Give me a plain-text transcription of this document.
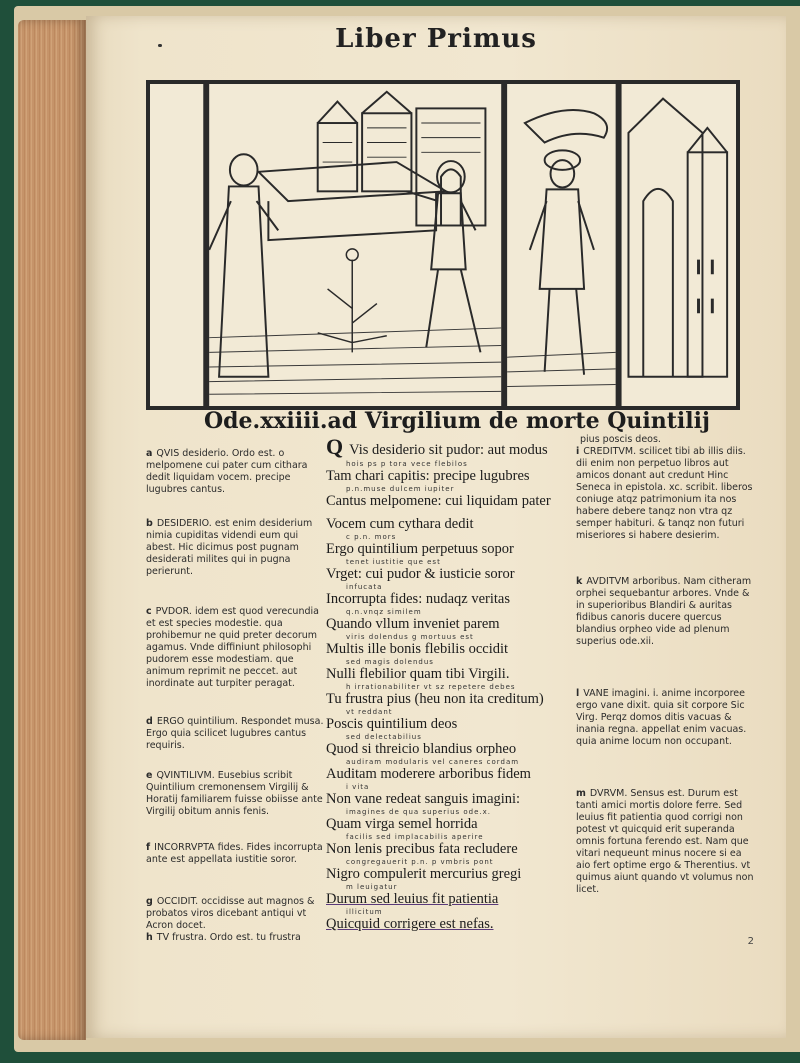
Liber Primus
Ode.xxiiii.ad Virgilium de morte Quintilij

a QVIS desiderio. Ordo est. o melpomene cui pater cum cithara dedit liquidam vocem. precipe lugubres cantus.

b DESIDERIO. est enim desiderium nimia cupiditas videndi eum qui abest. Hic dicimus post pugnam desiderati milites qui in pugna perierunt.

c PVDOR. idem est quod verecundia et est species modestie. qua prohibemur ne quid preter decorum agamus. Vnde diffiniunt philosophi pudorem esse modestiam. que animum reprimit ne peccet. aut inordinate aut turpiter peragat.

d ERGO quintilium. Respondet musa. Ergo quia scilicet lugubres cantus requiris.

e QVINTILIVM. Eusebius scribit Quintilium cremonensem Virgilij & Horatij familiarem fuisse obiisse ante Virgilij obitum annis fenis.

f INCORRVPTA fides. Fides incorrupta ante est appellata iustitie soror.

g OCCIDIT. occidisse aut magnos & probatos viros dicebant antiqui vt Acron docet.

h TV frustra. Ordo est. tu frustra

Q Vis desiderio sit pudor: aut modus

hois ps p tora vece flebilos

Tam chari capitis: precipe lugubres

p.n.muse dulcem iupiter

Cantus melpomene: cui liquidam pater

Vocem cum cythara dedit

c p.n. mors

Ergo quintilium perpetuus sopor

tenet iustitie que est

Vrget: cui pudor & iusticie soror

infucata

Incorrupta fides: nudaqz veritas

q.n.vnqz similem

Quando vllum inveniet parem

viris dolendus g mortuus est

Multis ille bonis flebilis occidit

sed magis dolendus

Nulli flebilior quam tibi Virgili.

h irrationabiliter vt sz repetere debes

Tu frustra pius (heu non ita creditum)

vt reddant

Poscis quintilium deos

sed delectabilius

Quod si threicio blandius orpheo

audiram modularis vel caneres cordam

Auditam moderere arboribus fidem

i vita

Non vane redeat sanguis imagini:

imagines de qua superius ode.x.

Quam virga semel horrida

facilis sed implacabilis aperire

Non lenis precibus fata recludere

congregauerit p.n. p vmbris pont

Nigro compulerit mercurius gregi

m leuigatur

Durum sed leuius fit patientia

illicitum

Quicquid corrigere est nefas.

pius poscis deos.

i CREDITVM. scilicet tibi ab illis diis. dii enim non perpetuo libros aut amicos donant aut credunt Hinc Seneca in epistola. xc. scribit. liberos coniuge atqz patrimonium ita nos habere debere tanqz non vtra qz semper habituri. & tanqz non futuri miseriores si habere desierim.

k AVDITVM arboribus. Nam citheram orphei sequebantur arbores. Vnde & in superioribus Blandiri & auritas fidibus canoris ducere quercus blandius orpheo vide ad plenum superius ode.xii.

l VANE imagini. i. anime incorporee ergo vane dixit. quia sit corpore Sic Virg. Perqz domos ditis vacuas & inania regna. appellat enim vacuas. quia anime locum non occupant.

m DVRVM. Sensus est. Durum est tanti amici mortis dolore ferre. Sed leuius fit patientia quod corrigi non potest vt quicquid erit superanda omnis fortuna ferendo est. Nam que vitari nequeunt minus nocere si ea aio fert optime ergo & Therentius. vt quimus aiunt quando vt volumus non licet.

2
